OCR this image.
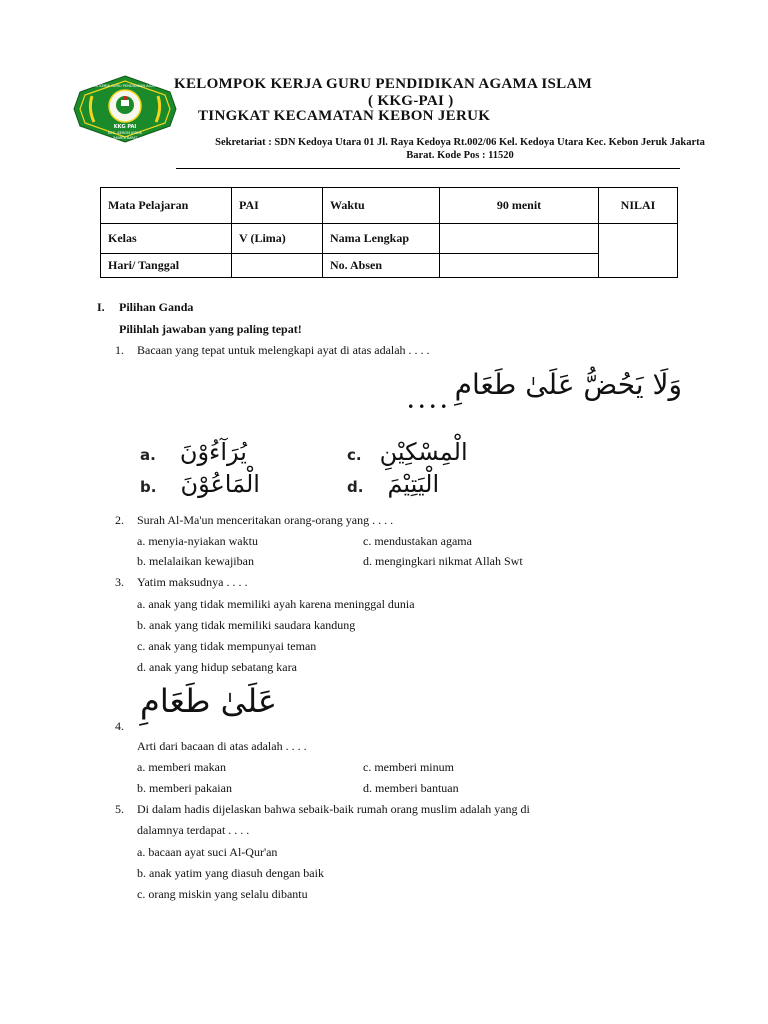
KKG PAI
KEC. KEBON JERUK
JAKARTA BARAT
KELOMPOK KERJA GURU PENDIDIKAN AGAMA ISLAM KELOMPOK KERJA GURU PENDIDIKAN AGAMA ISLAM
( KKG-PAI )
TINGKAT KECAMATAN KEBON JERUK
Sekretariat : SDN Kedoya Utara 01 Jl. Raya Kedoya Rt.002/06 Kel. Kedoya Utara Kec. Kebon Jeruk Jakarta Barat. Kode Pos : 11520
Mata Pelajaran	PAI	Waktu	90 menit	NILAI
Kelas	V (Lima)	Nama Lengkap		
Hari/ Tanggal		No. Absen		
I. Pilihan Ganda
Pilihlah jawaban yang paling tepat!
1. Bacaan yang tepat untuk melengkapi ayat di atas adalah . . . .
وَلَا يَحُضُّ عَلَىٰ طَعَامِ
. . . .
a. يُرَآءُوْنَ
b. الْمَاعُوْنَ
c. الْمِسْكِيْنِ
d. الْيَتِيْمَ
2. Surah Al-Ma'un menceritakan orang-orang yang . . . .
a. menyia-nyiakan waktu	c. mendustakan agama
b. melalaikan kewajiban	d. mengingkari nikmat Allah Swt
3. Yatim maksudnya . . . .
a. anak yang tidak memiliki ayah karena meninggal dunia
b. anak yang tidak memiliki saudara kandung
c. anak yang tidak mempunyai teman
d. anak yang hidup sebatang kara
عَلَىٰ طَعَامِ
4.
Arti dari bacaan di atas adalah . . . .
a. memberi makan	c. memberi minum
b. memberi pakaian	d. memberi bantuan
5. Di dalam hadis dijelaskan bahwa sebaik-baik rumah orang muslim adalah yang di
dalamnya terdapat . . . .
a. bacaan ayat suci Al-Qur'an
b. anak yatim yang diasuh dengan baik
c. orang miskin yang selalu dibantu
